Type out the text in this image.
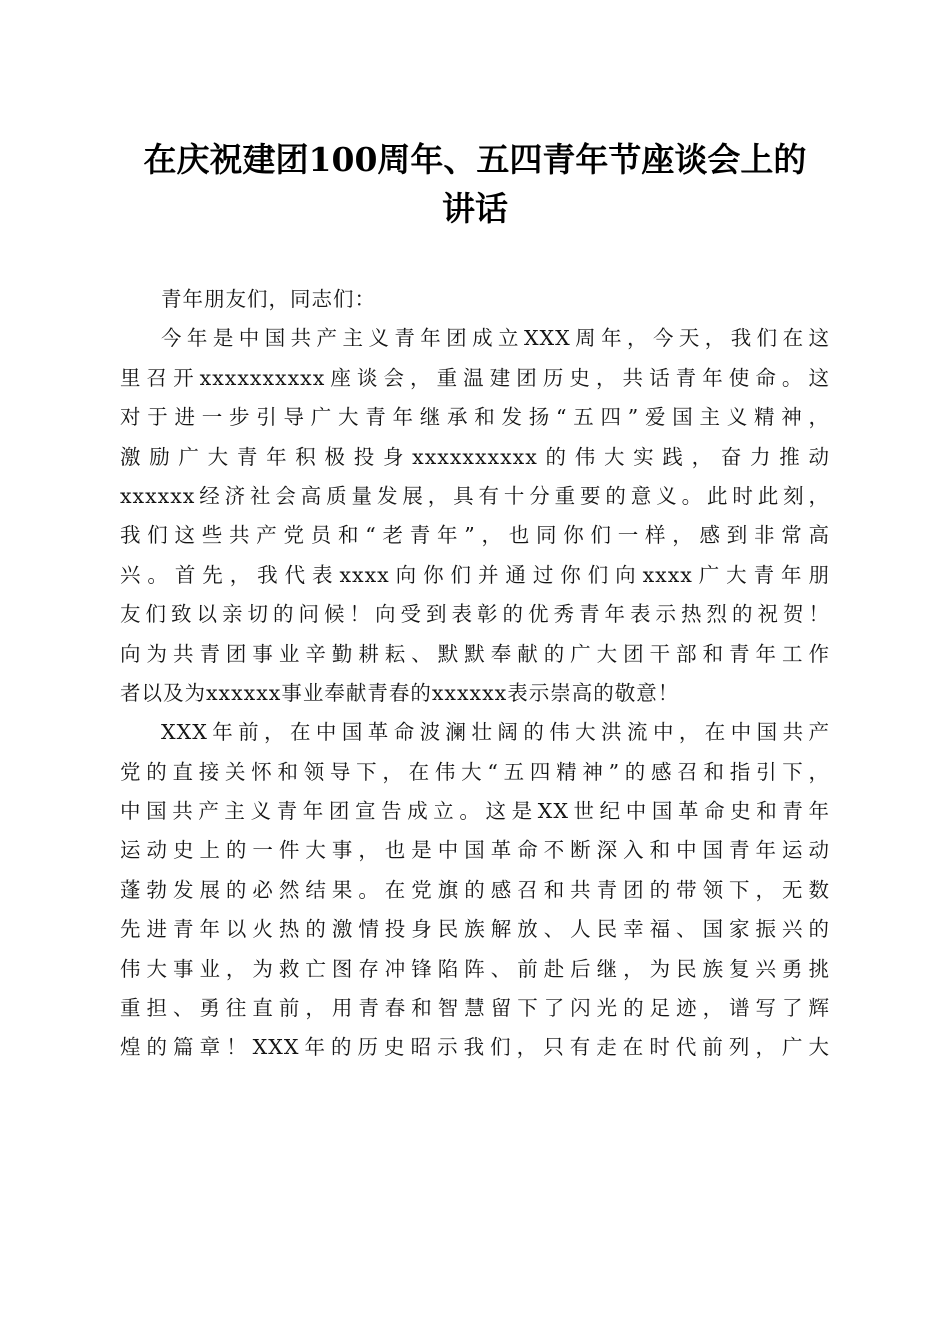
在庆祝建团100周年、五四青年节座谈会上的
讲话

青年朋友们，同志们：

今年是中国共产主义青年团成立XXX周年，今天，我们在这
里召开xxxxxxxxxx座谈会，重温建团历史，共话青年使命。这
对于进一步引导广大青年继承和发扬“五四”爱国主义精神，
激励广大青年积极投身xxxxxxxxxx的伟大实践，奋力推动
xxxxxx经济社会高质量发展，具有十分重要的意义。此时此刻，
我们这些共产党员和“老青年”，也同你们一样，感到非常高
兴。首先，我代表xxxx向你们并通过你们向xxxx广大青年朋
友们致以亲切的问候！向受到表彰的优秀青年表示热烈的祝贺！
向为共青团事业辛勤耕耘、默默奉献的广大团干部和青年工作
者以及为xxxxxx事业奉献青春的xxxxxx表示崇高的敬意！

XXX年前，在中国革命波澜壮阔的伟大洪流中，在中国共产
党的直接关怀和领导下，在伟大“五四精神”的感召和指引下，
中国共产主义青年团宣告成立。这是XX世纪中国革命史和青年
运动史上的一件大事，也是中国革命不断深入和中国青年运动
蓬勃发展的必然结果。在党旗的感召和共青团的带领下，无数
先进青年以火热的激情投身民族解放、人民幸福、国家振兴的
伟大事业，为救亡图存冲锋陷阵、前赴后继，为民族复兴勇挑
重担、勇往直前，用青春和智慧留下了闪光的足迹，谱写了辉
煌的篇章！XXX年的历史昭示我们，只有走在时代前列，广大
